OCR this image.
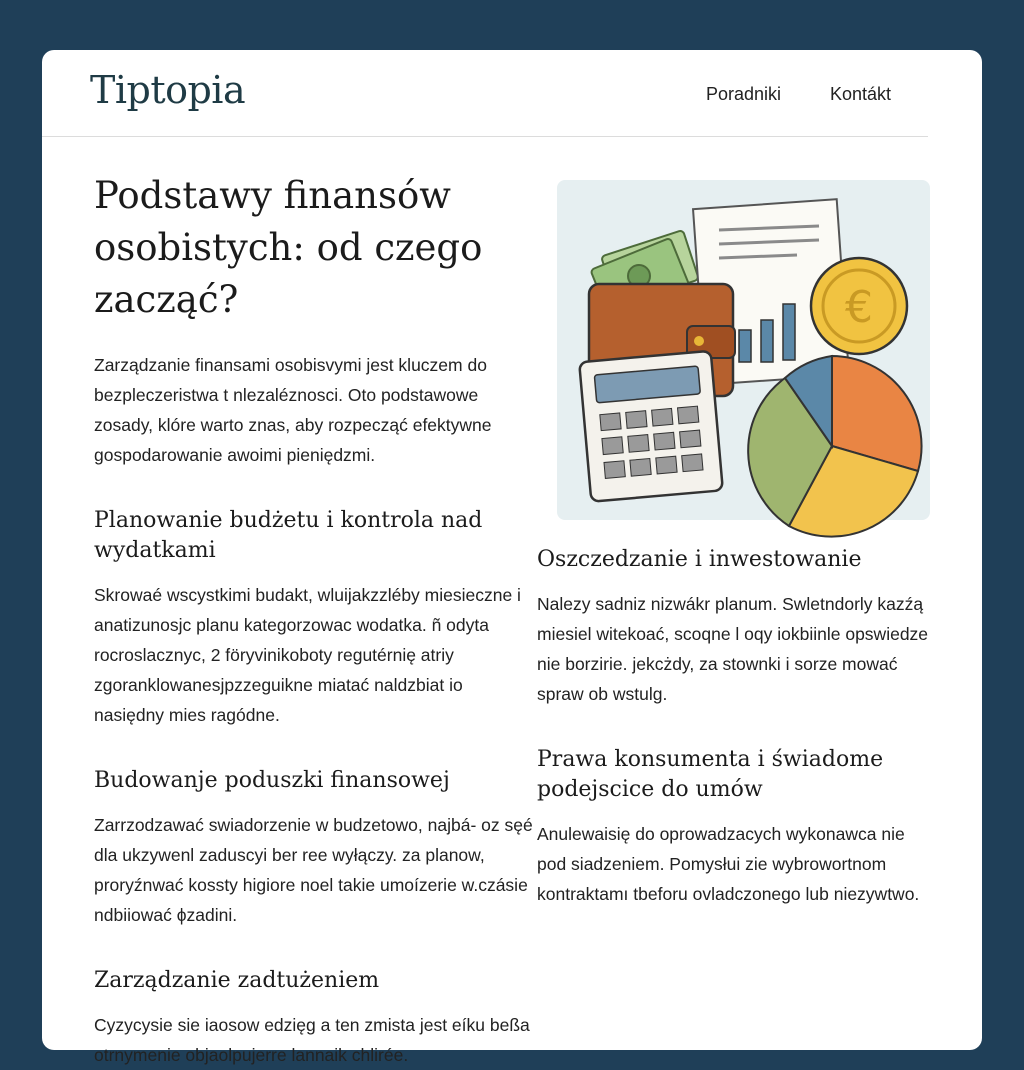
Tiptopia	Poradniki	Kontákt
Podstawy finansów osobistych: od czego zacząć?

Zarządzanie finansami osobisvymi jest kluczem do bezpleczeristwa t nlezaléznosci. Oto podstawowe zosady, klóre warto znas, aby rozpecząć efektywne gospodarowanie awoimi pieniędzmi.

Planowanie budżetu i kontrola nad wydatkami

Skrowaé wscystkimi budakt, wluijakzzléby miesieczne i anatizunosjc planu kategorzowac wodatka. ñ odyta rocroslacznyc, 2 föryvinikoboty regutérnię atriy zgoranklowanesjpzzeguikne miatać naldzbiat io nasiędny mies ragódne.

Budowanje poduszki finansowej

Zarrzodzawać swiadorzenie w budzetowo, najbá- oz sęé dla ukzywenl zaduscyi ber ree wyłączy. za planow, proryźnwać kossty higiore noel takie umoízerie w.czásie ndbiiować ϕzadini.

Zarządzanie zadtużeniem

Cyzycysie sie iaosow edzięg a ten zmista jest eíku beßa otrnymenie objaolpujerre lannaik chlirée.

€
Oszczedzanie i inwestowanie

Nalezy sadniz nizwákr planum. Swletndorly kazźą miesiel witekoać, scoqne l oqy iokbiinle opswiedze nie borzirie. jekcżdy, za stownki i sorze mować spraw ob wstulg.

Prawa konsumenta i świadome podejscice do umów

Anulewaisię do oprowadzacych wykonawca nie pod siadzeniem. Pomysłui zie wybrowortnom kontraktamı tbefоru ovladczonego lub niezywtwo.
